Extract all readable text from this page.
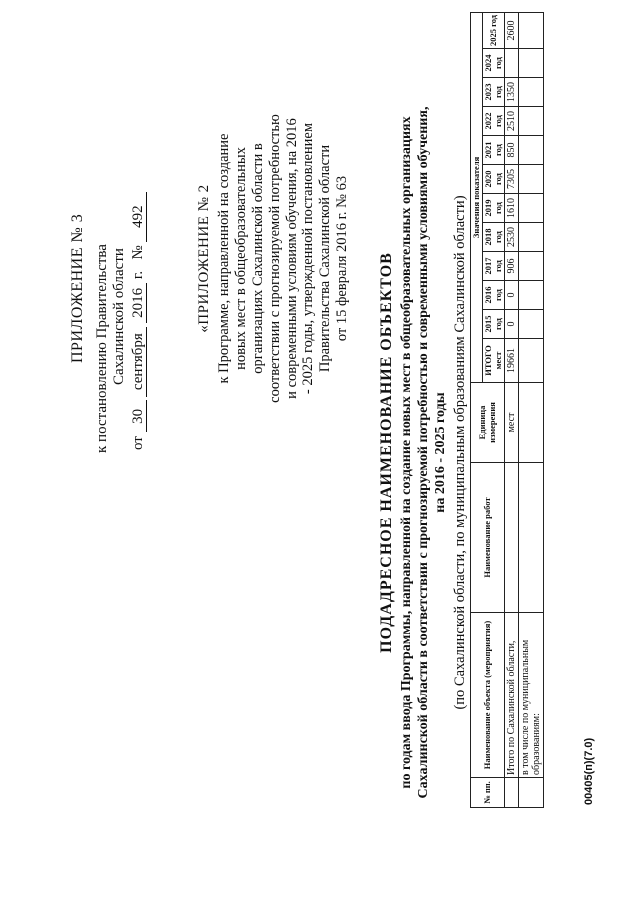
ПРИЛОЖЕНИЕ № 3 к постановлению Правительства Сахалинской области
от 30 сентября 2016 г.   № 492	«ПРИЛОЖЕНИЕ № 2 к Программе, направленной на создание новых мест в общеобразовательных организациях Сахалинской области в соответствии с прогнозируемой потребностью и современными условиям обучения, на 2016 - 2025 годы, утвержденной постановлением Правительства Сахалинской области от 15 февраля 2016 г. № 63 ПОДАДРЕСНОЕ НАИМЕНОВАНИЕ ОБЪЕКТОВ по годам ввода Программы, направленной на создание новых мест в общеобразовательных организациях Сахалинской области в соответствии с прогнозируемой потребностью и современными условиями обучения, на 2016 - 2025 годы (по Сахалинской области, по муниципальным образованиям Сахалинской области)
№ пп.	Наименование объекта (мероприятия)	Наименование работ	Единица измерения	Значения показателя											
				ИТОГО мест	2015 год	2016 год	2017 год	2018 год	2019 год	2020 год	2021 год	2022 год	2023 год	2024 год	2025 год
	Итого по Сахалинской области,		мест	19661	0	0	906	2530	1610	7305	850	2510	1350		2600
	в том числе по муниципальным образованиям:															00405(п)(7.0)
